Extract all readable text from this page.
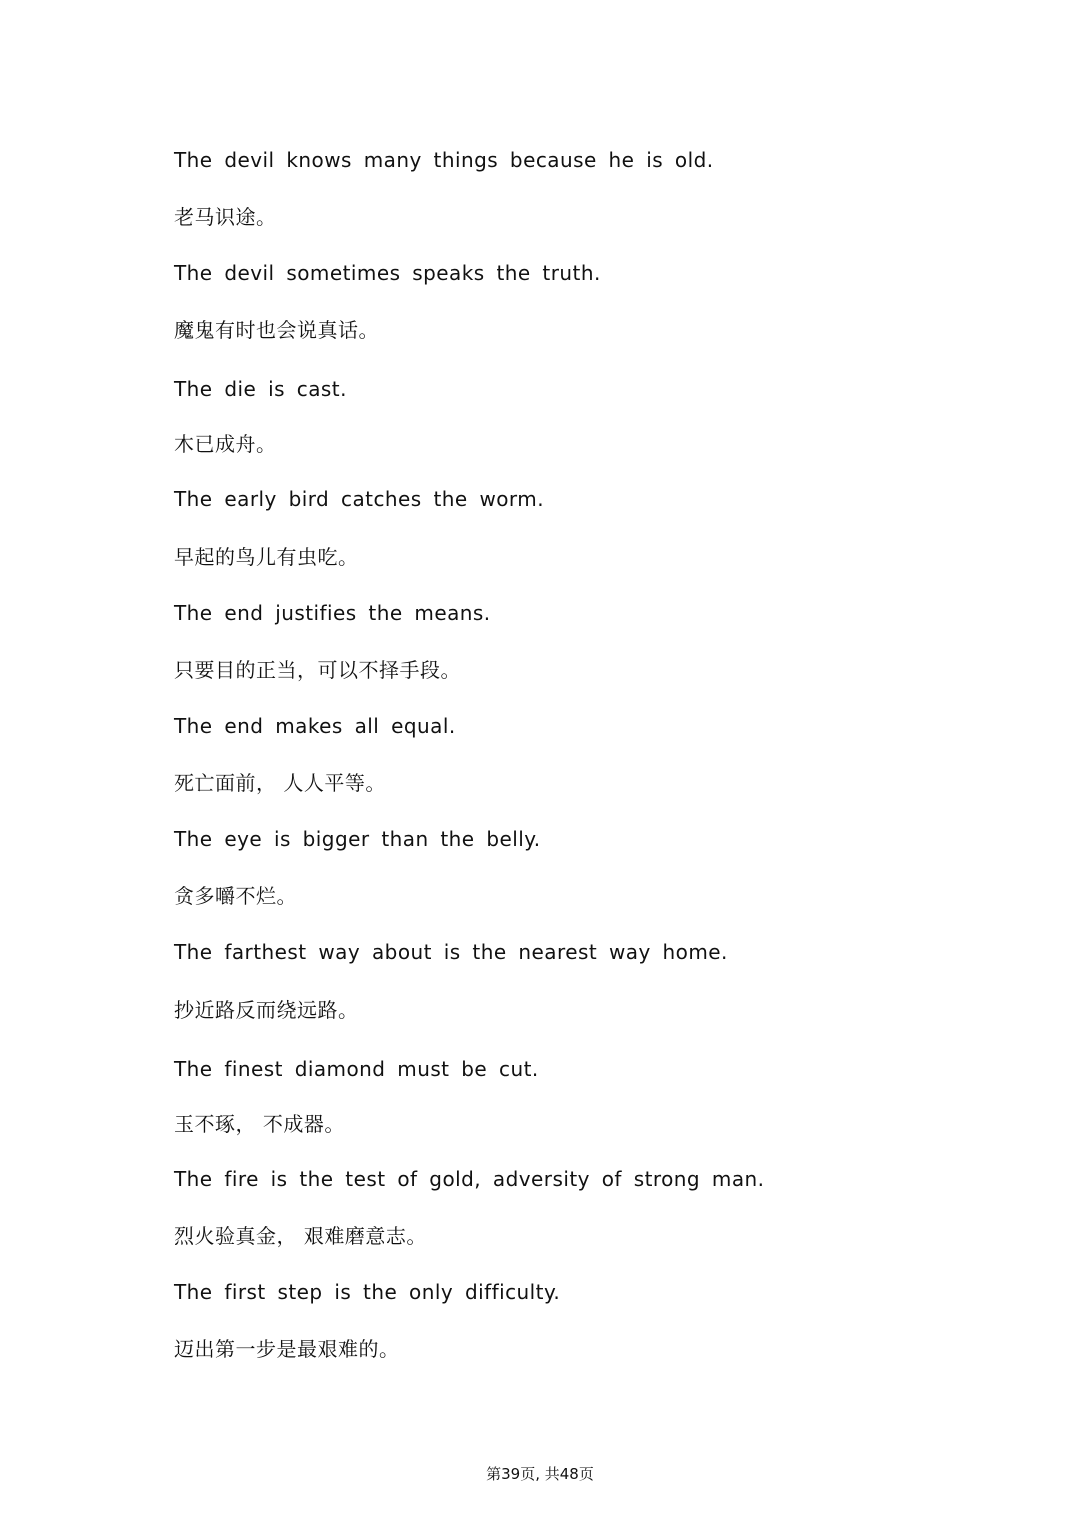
The devil knows many things because he is old.
老马识途。
The devil sometimes speaks the truth.
魔鬼有时也会说真话。
The die is cast.
木已成舟。
The early bird catches the worm.
早起的鸟儿有虫吃。
The end justifies the means.
只要目的正当，可以不择手段。
The end makes all equal.
死亡面前， 人人平等。
The eye is bigger than the belly.
贪多嚼不烂。
The farthest way about is the nearest way home.
抄近路反而绕远路。
The finest diamond must be cut.
玉不琢， 不成器。
The fire is the test of gold, adversity of strong man.
烈火验真金， 艰难磨意志。
The first step is the only difficulty.
迈出第一步是最艰难的。
第39页, 共48页
